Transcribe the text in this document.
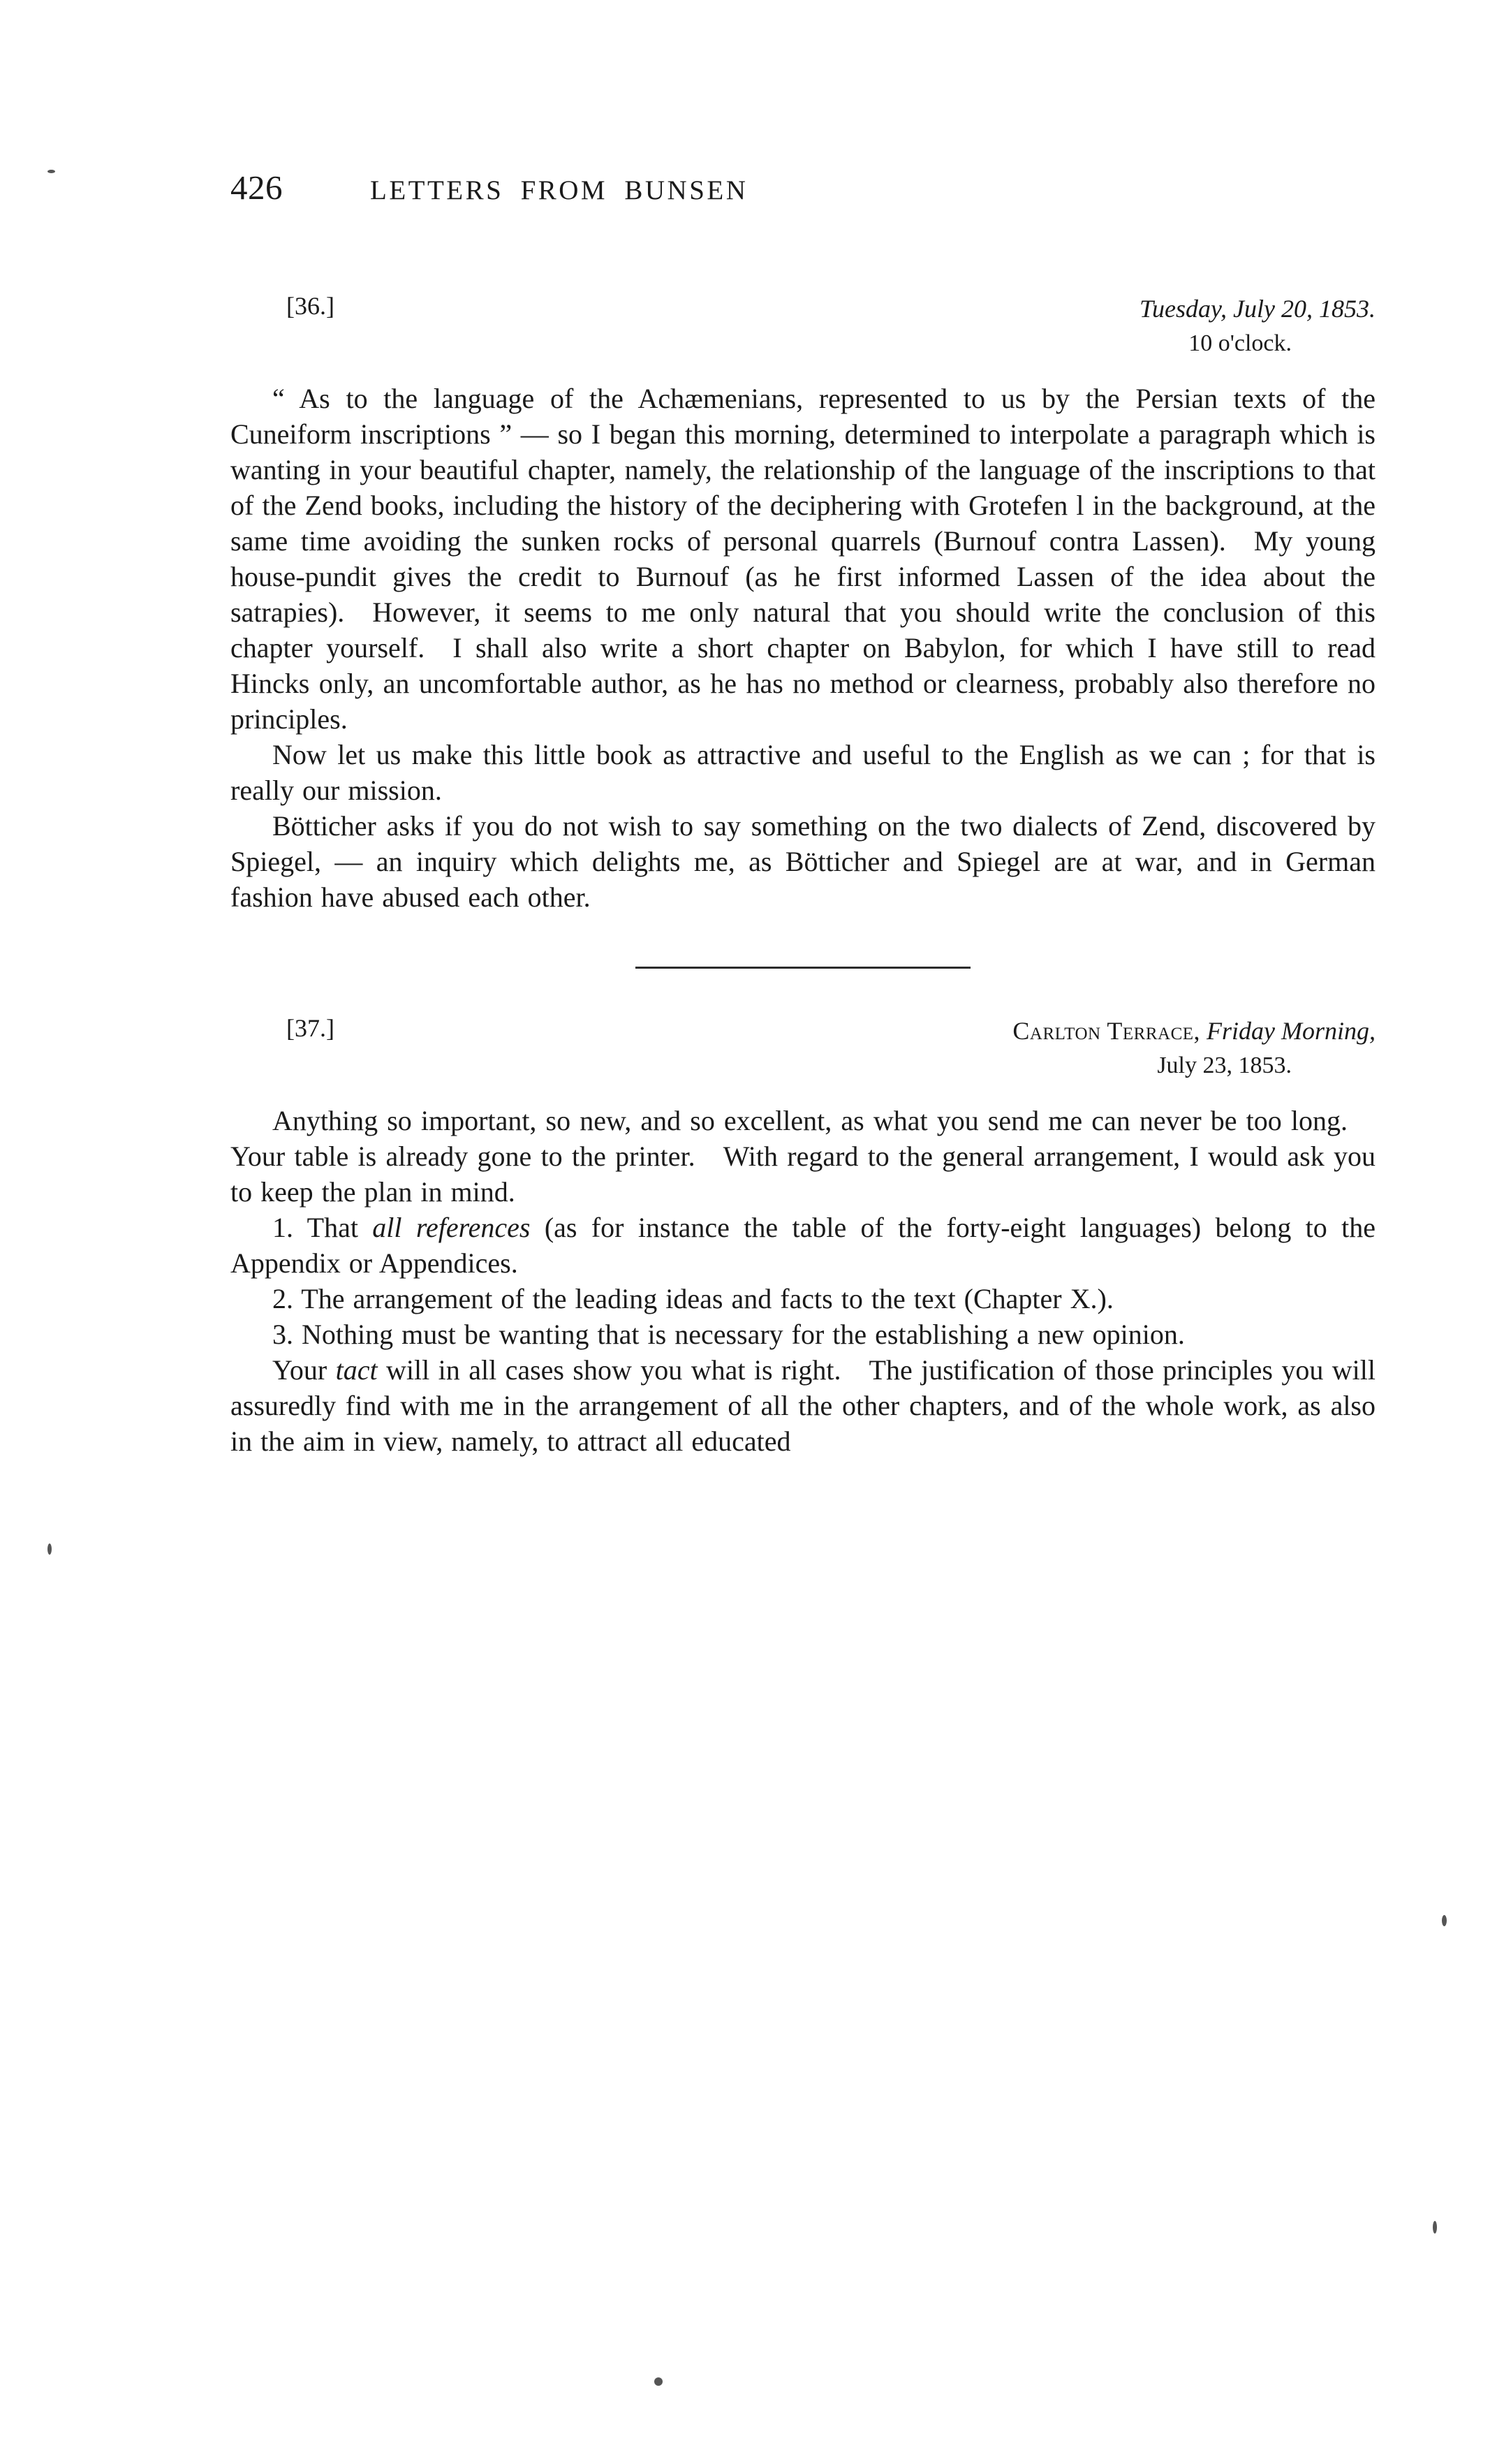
426	LETTERS FROM BUNSEN
[36.]	Tuesday, July 20, 1853.
10 o'clock.

“ As to the language of the Achæmenians, represented to us by the Persian texts of the Cuneiform inscriptions ” — so I began this morning, determined to interpolate a paragraph which is wanting in your beautiful chapter, namely, the relationship of the language of the inscriptions to that of the Zend books, including the history of the deciphering with Grotefen l in the background, at the same time avoiding the sunken rocks of personal quarrels (Burnouf contra Lassen). My young house-pundit gives the credit to Burnouf (as he first informed Lassen of the idea about the satrapies). However, it seems to me only natural that you should write the conclusion of this chapter yourself. I shall also write a short chapter on Babylon, for which I have still to read Hincks only, an uncomfortable author, as he has no method or clearness, probably also therefore no principles.

Now let us make this little book as attractive and useful to the English as we can ; for that is really our mission.

Bötticher asks if you do not wish to say something on the two dialects of Zend, discovered by Spiegel, — an inquiry which delights me, as Bötticher and Spiegel are at war, and in German fashion have abused each other.

[37.]	Carlton Terrace, Friday Morning,
July 23, 1853.

Anything so important, so new, and so excellent, as what you send me can never be too long. Your table is already gone to the printer. With regard to the general arrangement, I would ask you to keep the plan in mind.

1. That all references (as for instance the table of the forty-eight languages) belong to the Appendix or Appendices.

2. The arrangement of the leading ideas and facts to the text (Chapter X.).

3. Nothing must be wanting that is necessary for the establishing a new opinion.

Your tact will in all cases show you what is right. The justification of those principles you will assuredly find with me in the arrangement of all the other chapters, and of the whole work, as also in the aim in view, namely, to attract all educated
